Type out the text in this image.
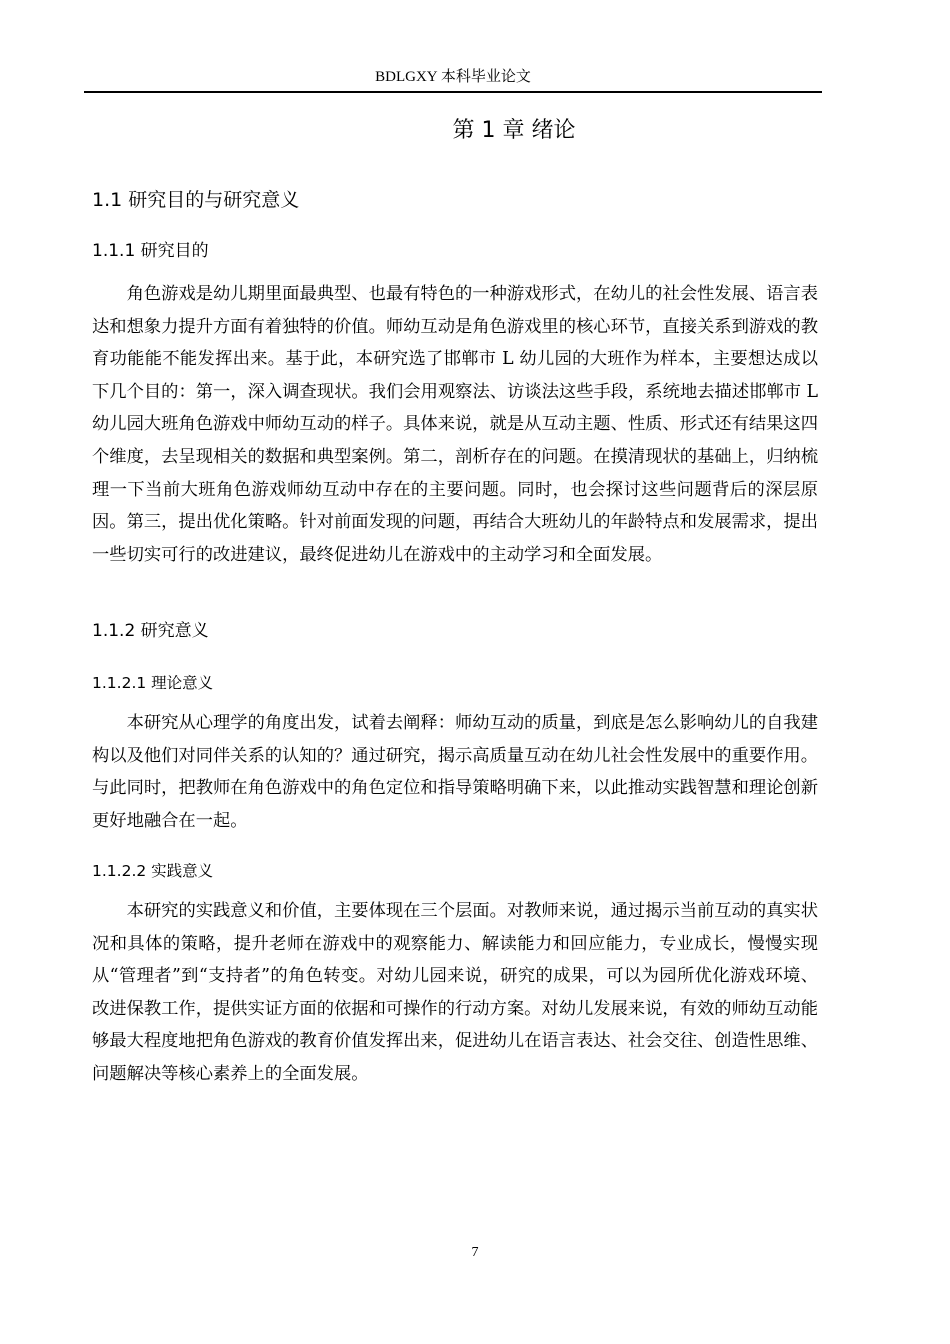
BDLGXY 本科毕业论文
第 1 章 绪论
1.1 研究目的与研究意义
1.1.1 研究目的

角色游戏是幼儿期里面最典型、也最有特色的一种游戏形式，在幼儿的社会性发展、语言表达和想象力提升方面有着独特的价值。师幼互动是角色游戏里的核心环节，直接关系到游戏的教育功能能不能发挥出来。基于此，本研究选了邯郸市 L 幼儿园的大班作为样本，主要想达成以下几个目的：第一，深入调查现状。我们会用观察法、访谈法这些手段，系统地去描述邯郸市 L 幼儿园大班角色游戏中师幼互动的样子。具体来说，就是从互动主题、性质、形式还有结果这四个维度，去呈现相关的数据和典型案例。第二，剖析存在的问题。在摸清现状的基础上，归纳梳理一下当前大班角色游戏师幼互动中存在的主要问题。同时，也会探讨这些问题背后的深层原因。第三，提出优化策略。针对前面发现的问题，再结合大班幼儿的年龄特点和发展需求，提出一些切实可行的改进建议，最终促进幼儿在游戏中的主动学习和全面发展。

1.1.2 研究意义
1.1.2.1 理论意义

本研究从心理学的角度出发，试着去阐释：师幼互动的质量，到底是怎么影响幼儿的自我建构以及他们对同伴关系的认知的？通过研究，揭示高质量互动在幼儿社会性发展中的重要作用。与此同时，把教师在角色游戏中的角色定位和指导策略明确下来，以此推动实践智慧和理论创新更好地融合在一起。

1.1.2.2 实践意义

本研究的实践意义和价值，主要体现在三个层面。对教师来说，通过揭示当前互动的真实状况和具体的策略，提升老师在游戏中的观察能力、解读能力和回应能力，专业成长，慢慢实现从“管理者”到“支持者”的角色转变。对幼儿园来说，研究的成果，可以为园所优化游戏环境、改进保教工作，提供实证方面的依据和可操作的行动方案。对幼儿发展来说，有效的师幼互动能够最大程度地把角色游戏的教育价值发挥出来，促进幼儿在语言表达、社会交往、创造性思维、问题解决等核心素养上的全面发展。

7
